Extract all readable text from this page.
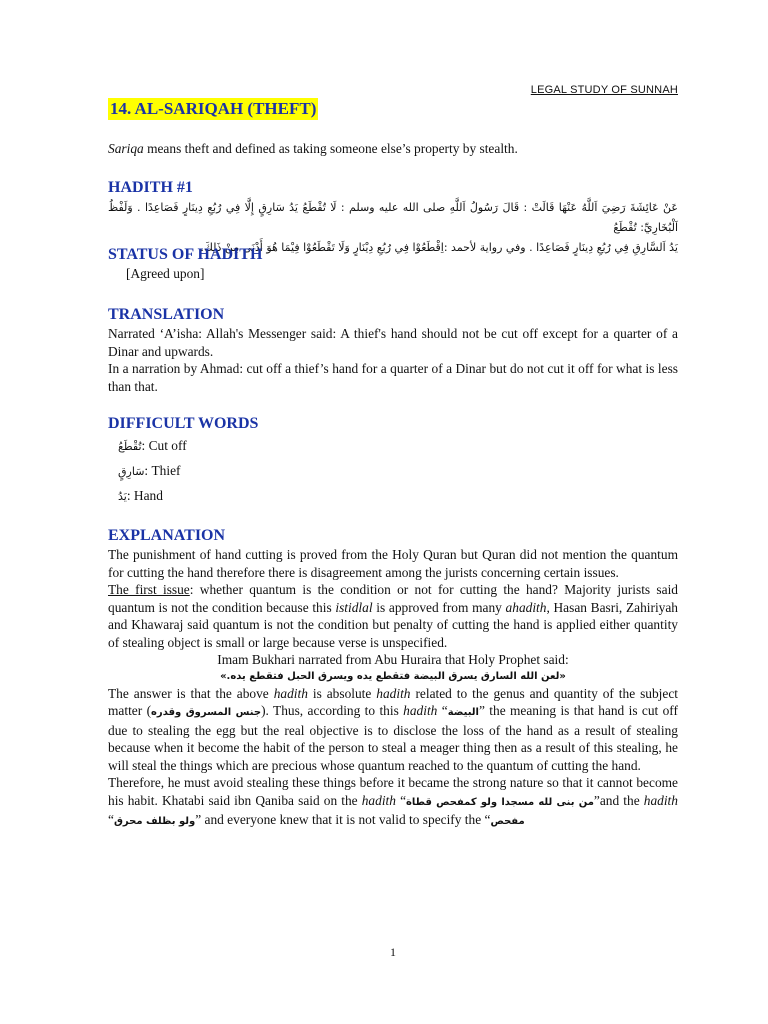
LEGAL STUDY OF SUNNAH
14. AL-SARIQAH (THEFT)

Sariqa means theft and defined as taking someone else’s property by stealth.

HADITH #1

عَنْ عَائِشَةَ رَضِيَ اَللَّهُ عَنْهَا قَالَتْ : قَالَ رَسُولُ اَللَّهِ صلى الله عليه وسلم : لَا تُقْطَعُ يَدُ سَارِقٍ إِلَّا فِي رُبُعِ دِينَارٍ فَصَاعِدًا . وَلَفْظُ اَلْبُخَارِيِّ: تُقْطَعُ

يَدُ اَلسَّارِقِ فِي رُبُعِ دِينَارٍ فَصَاعِدًا . وفي رواية لأحمد :اِقْطَعُوْا فِي رُبُعِ دِيْنَارٍ وَلَا تَقْطَعُوْا فِيْمَا هُوَ أَدْنَى مِنْ ذَلِكَ.

STATUS OF HADITH

[Agreed upon]

TRANSLATION

Narrated ‘A’isha: Allah's Messenger said: A thief's hand should not be cut off except for a quarter of a Dinar and upwards.

In a narration by Ahmad: cut off a thief’s hand for a quarter of a Dinar but do not cut it off for what is less than that.

DIFFICULT WORDS
تُقْطَعُ: Cut off
سَارِقٍ: Thief
يَدُ: Hand
EXPLANATION

The punishment of hand cutting is proved from the Holy Quran but Quran did not mention the quantum for cutting the hand therefore there is disagreement among the jurists concerning certain issues.

The first issue: whether quantum is the condition or not for cutting the hand? Majority jurists said quantum is not the condition because this istidlal is approved from many ahadith, Hasan Basri, Zahiriyah and Khawaraj said quantum is not the condition but penalty of cutting the hand is applied either quantity of stealing object is small or large because verse is unspecified.

Imam Bukhari narrated from Abu Huraira that Holy Prophet said:

«لعن الله السارق يسرق البيضة فتقطع يده ويسرق الحبل فتقطع يده.»

The answer is that the above hadith is absolute hadith related to the genus and quantity of the subject matter (جنس المسروق وقدره). Thus, according to this hadith “البيضة” the meaning is that hand is cut off due to stealing the egg but the real objective is to disclose the loss of the hand as a result of stealing because when it become the habit of the person to steal a meager thing then as a result of this stealing, he will steal the things which are precious whose quantum reached to the quantum of cutting the hand.

Therefore, he must avoid stealing these things before it became the strong nature so that it cannot become his habit. Khatabi said ibn Qaniba said on the hadith “	من بنى لله مسجدا ولو كمفحص قطاة	”and the hadith “ولو بظلف محرق” and everyone knew that it is not valid to specify the “مفحص

1
